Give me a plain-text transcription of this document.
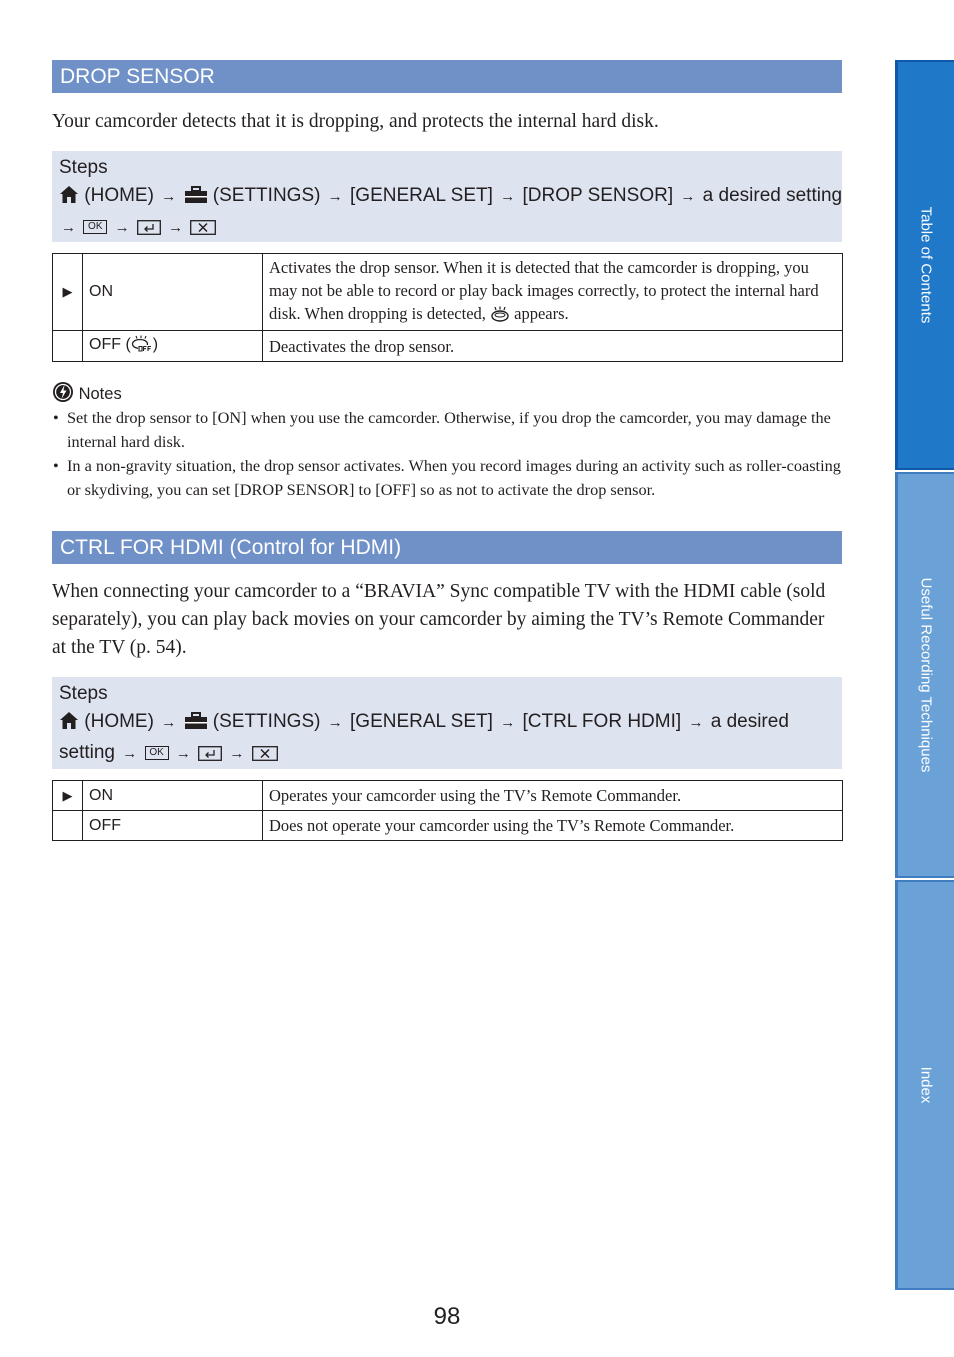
DROP SENSOR
Your camcorder detects that it is dropping, and protects the internal hard disk.
Steps
(HOME) → (SETTINGS) → [GENERAL SET] → [DROP SENSOR] → a desired setting
→ OK →	→
▶	ON	Activates the drop sensor. When it is detected that the camcorder is dropping, you may not be able to record or play back images correctly, to protect the internal hard disk. When dropping is detected, appears.
	OFF ( )	Deactivates the drop sensor.
Notes
• Set the drop sensor to [ON] when you use the camcorder. Otherwise, if you drop the camcorder, you may damage the internal hard disk.
• In a non-gravity situation, the drop sensor activates. When you record images during an activity such as roller-coasting or skydiving, you can set [DROP SENSOR] to [OFF] so as not to activate the drop sensor.
CTRL FOR HDMI (Control for HDMI)
When connecting your camcorder to a “BRAVIA” Sync compatible TV with the HDMI cable (sold separately), you can play back movies on your camcorder by aiming the TV’s Remote Commander at the TV (p. 54).
Steps
(HOME) → (SETTINGS) → [GENERAL SET] → [CTRL FOR HDMI] → a desired
setting → OK →	→
▶	ON	Operates your camcorder using the TV’s Remote Commander.
	OFF	Does not operate your camcorder using the TV’s Remote Commander.
Table of Contents
Useful Recording Techniques
Index
98
